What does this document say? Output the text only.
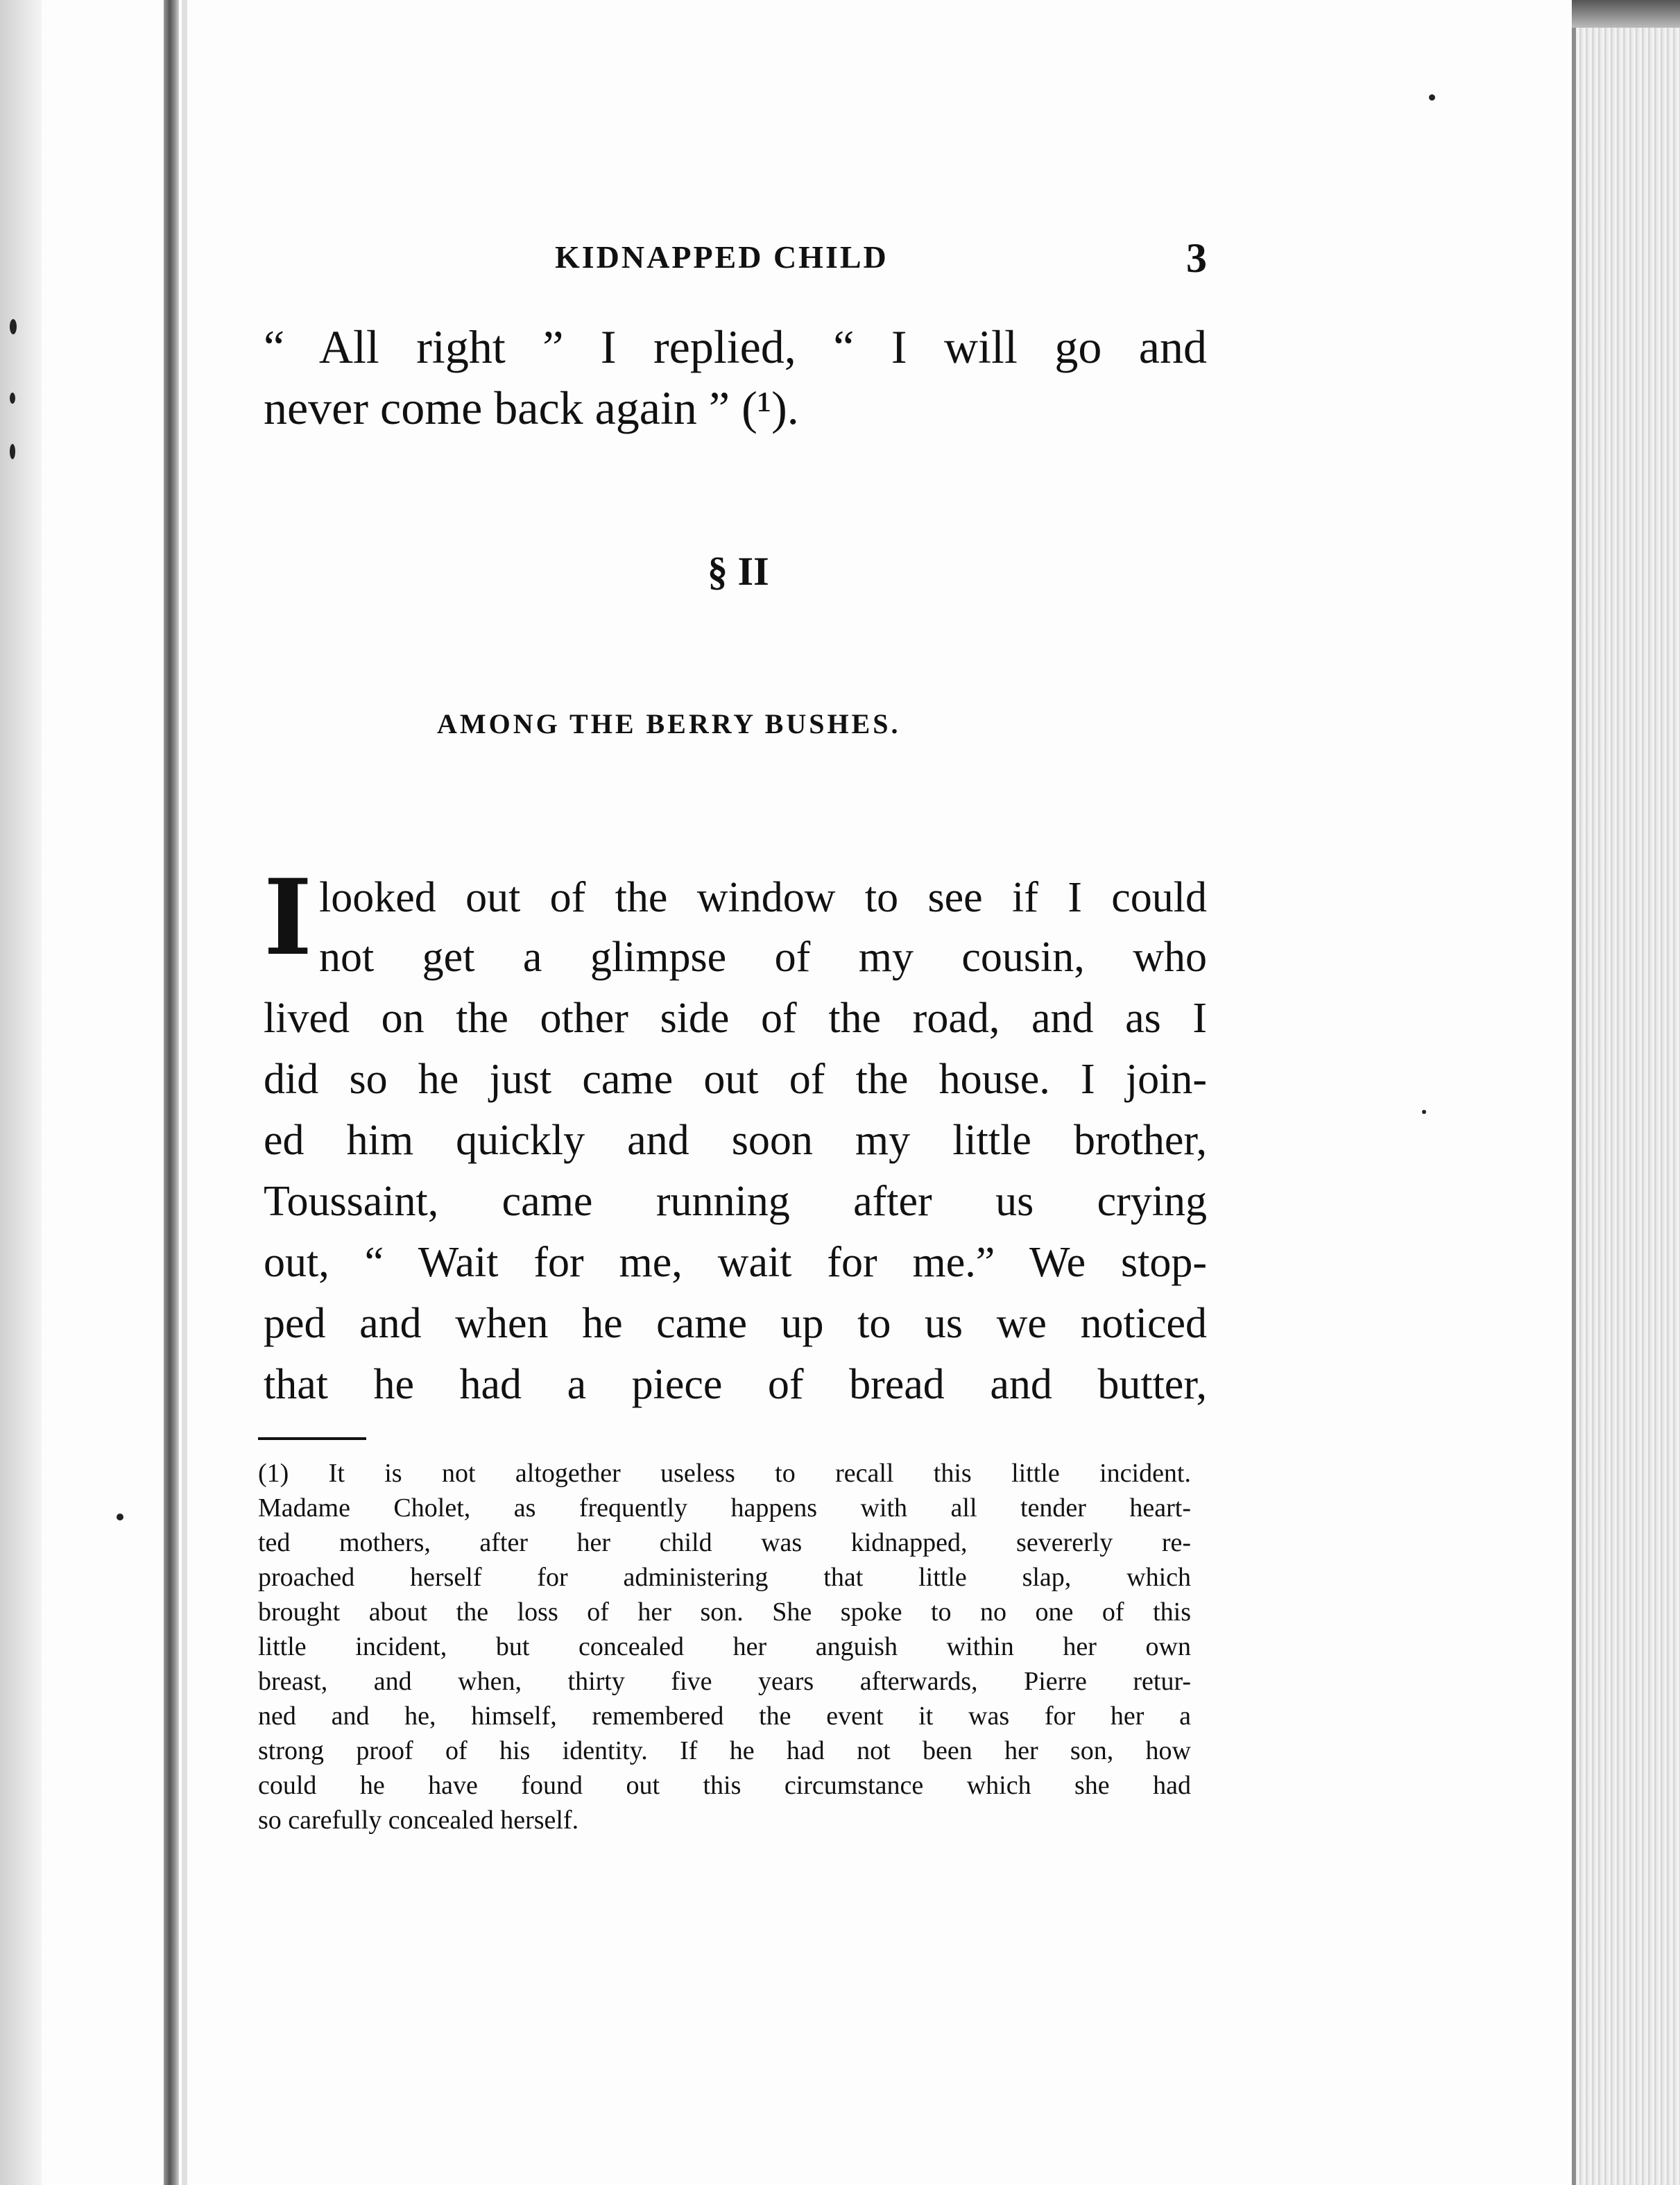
KIDNAPPED CHILD	3
“ All right ” I replied, “ I will go and
never come back again ” (¹).
§ II
AMONG THE BERRY BUSHES.
I looked out of the window to see if I could
not get a glimpse of my cousin, who
lived on the other side of the road, and as I
did so he just came out of the house. I join-
ed him quickly and soon my little brother,
Toussaint, came running after us crying
out, “ Wait for me, wait for me.” We stop-
ped and when he came up to us we noticed
that he had a piece of bread and butter,
(1) It is not altogether useless to recall this little incident.
Madame Cholet, as frequently happens with all tender heart-
ted mothers, after her child was kidnapped, severerly re-
proached herself for administering that little slap, which
brought about the loss of her son. She spoke to no one of this
little incident, but concealed her anguish within her own
breast, and when, thirty five years afterwards, Pierre retur-
ned and he, himself, remembered the event it was for her a
strong proof of his identity. If he had not been her son, how
could he have found out this circumstance which she had
so carefully concealed herself.
